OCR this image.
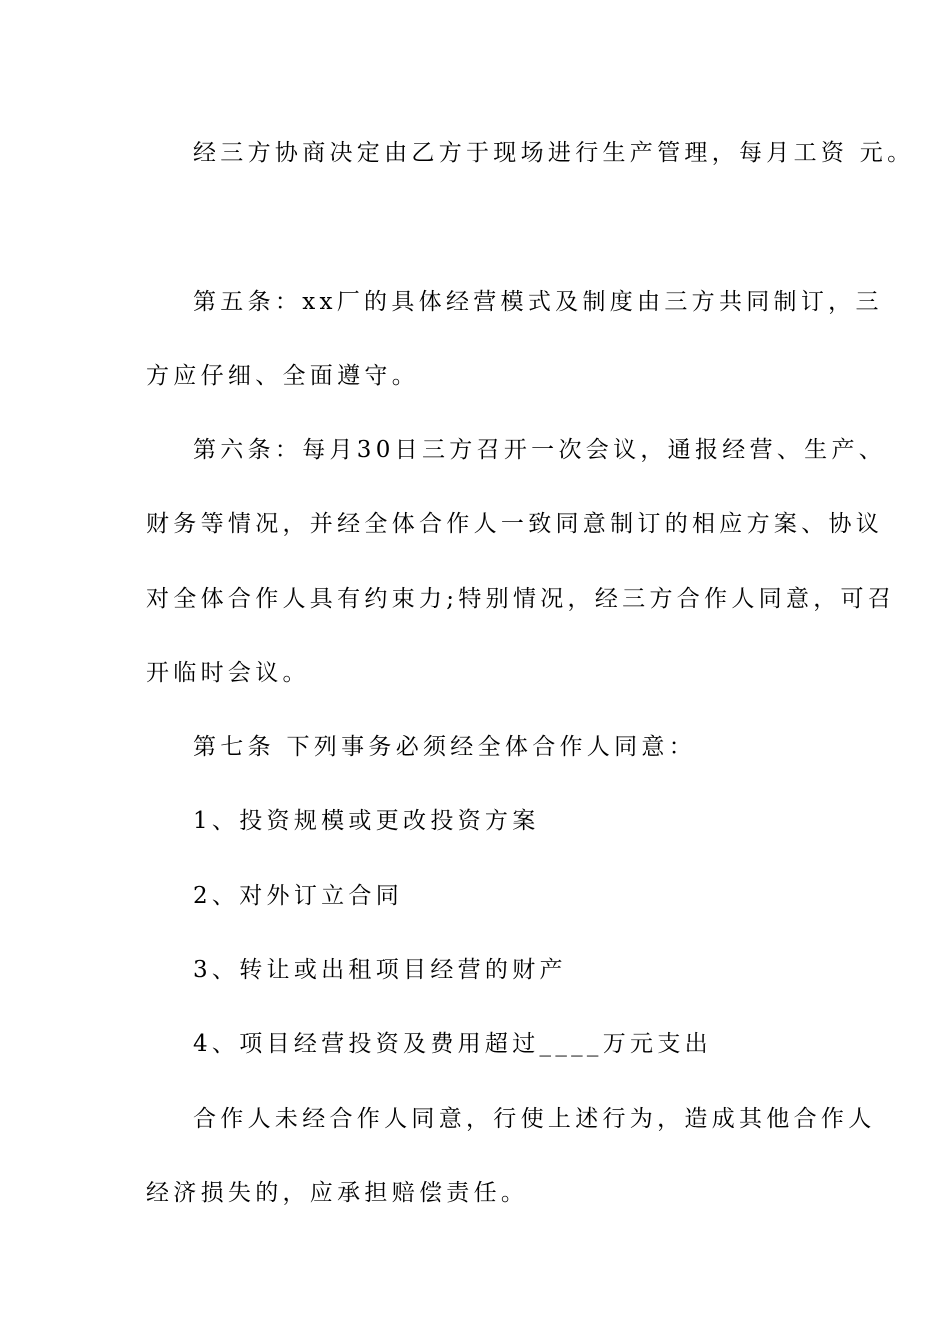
经三方协商决定由乙方于现场进行生产管理，每月工资 元。
第五条：xx厂的具体经营模式及制度由三方共同制订，三
方应仔细、全面遵守。
第六条：每月30日三方召开一次会议，通报经营、生产、
财务等情况，并经全体合作人一致同意制订的相应方案、协议
对全体合作人具有约束力;特别情况，经三方合作人同意，可召
开临时会议。
第七条 下列事务必须经全体合作人同意：
1、投资规模或更改投资方案
2、对外订立合同
3、转让或出租项目经营的财产
4、项目经营投资及费用超过____万元支出
合作人未经合作人同意，行使上述行为，造成其他合作人
经济损失的，应承担赔偿责任。
